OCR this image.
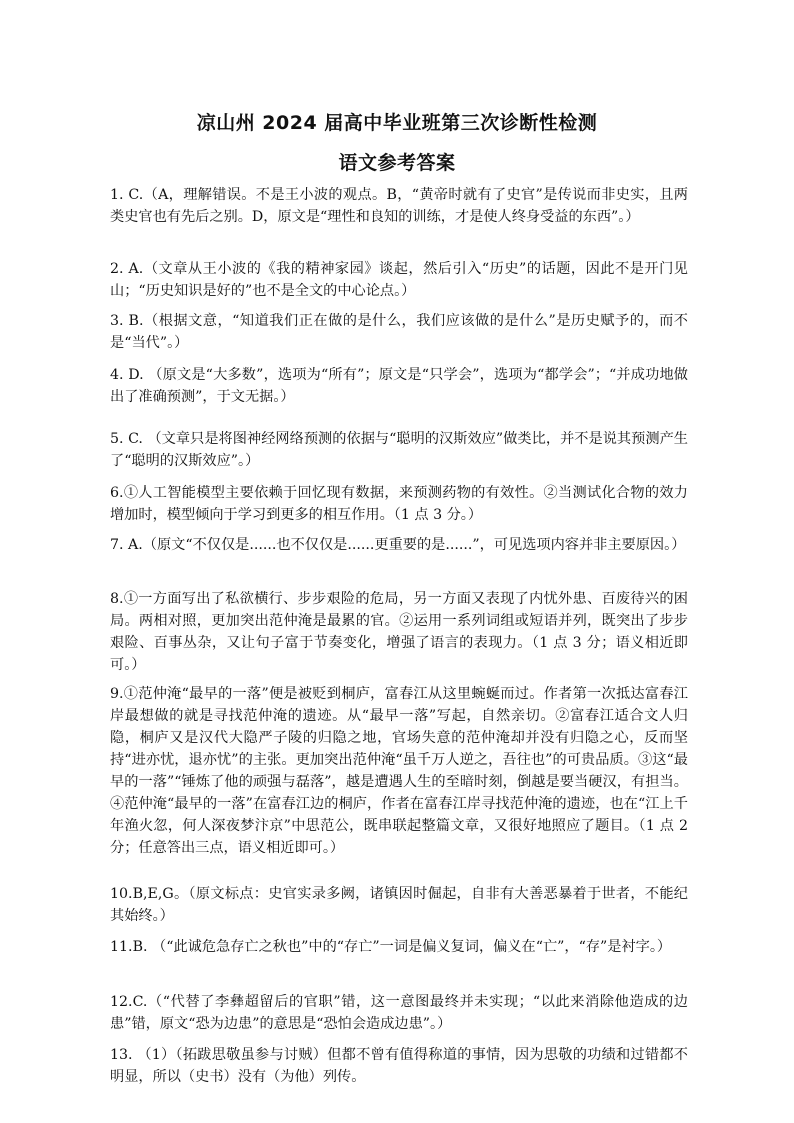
凉山州 2024 届高中毕业班第三次诊断性检测
语文参考答案
1. C.（A，理解错误。不是王小波的观点。B，“黄帝时就有了史官”是传说而非史实，且两类史官也有先后之别。D，原文是“理性和良知的训练，才是使人终身受益的东西”。）
2. A.（文章从王小波的《我的精神家园》谈起，然后引入“历史”的话题，因此不是开门见山；“历史知识是好的”也不是全文的中心论点。）
3. B.（根据文意，“知道我们正在做的是什么，我们应该做的是什么”是历史赋予的，而不是“当代”。）
4. D. （原文是“大多数”，选项为“所有”；原文是“只学会”，选项为“都学会”；“并成功地做出了准确预测”，于文无据。）
5. C. （文章只是将图神经网络预测的依据与“聪明的汉斯效应”做类比，并不是说其预测产生了“聪明的汉斯效应”。）
6.①人工智能模型主要依赖于回忆现有数据，来预测药物的有效性。②当测试化合物的效力增加时，模型倾向于学习到更多的相互作用。（1 点 3 分。）
7. A.（原文“不仅仅是......也不仅仅是......更重要的是......”，可见选项内容并非主要原因。）
8.①一方面写出了私欲横行、步步艰险的危局，另一方面又表现了内忧外患、百废待兴的困局。两相对照，更加突出范仲淹是最累的官。②运用一系列词组或短语并列，既突出了步步艰险、百事丛杂，又让句子富于节奏变化，增强了语言的表现力。（1 点 3 分；语义相近即可。）
9.①范仲淹“最早的一落”便是被贬到桐庐，富春江从这里蜿蜒而过。作者第一次抵达富春江岸最想做的就是寻找范仲淹的遗迹。从“最早一落”写起，自然亲切。②富春江适合文人归隐，桐庐又是汉代大隐严子陵的归隐之地，官场失意的范仲淹却并没有归隐之心，反而坚持“进亦忧，退亦忧”的主张。更加突出范仲淹“虽千万人逆之，吾往也”的可贵品质。③这“最早的一落”“锤炼了他的顽强与磊落”，越是遭遇人生的至暗时刻，倒越是要当硬汉，有担当。④范仲淹“最早的一落”在富春江边的桐庐，作者在富春江岸寻找范仲淹的遗迹，也在“江上千年渔火忽，何人深夜梦汴京”中思范公，既串联起整篇文章，又很好地照应了题目。（1 点 2 分；任意答出三点，语义相近即可。）
10.B,E,G。（原文标点：史官实录多阙，诸镇因时倔起，自非有大善恶暴着于世者，不能纪其始终。）
11.B. （“此诚危急存亡之秋也”中的“存亡”一词是偏义复词，偏义在“亡”，“存”是衬字。）
12.C.（“代替了李彝超留后的官职”错，这一意图最终并未实现；“以此来消除他造成的边患”错，原文“恐为边患”的意思是“恐怕会造成边患”。）
13. （1）（拓跋思敬虽参与讨贼）但都不曾有值得称道的事情，因为思敬的功绩和过错都不明显，所以（史书）没有（为他）列传。
